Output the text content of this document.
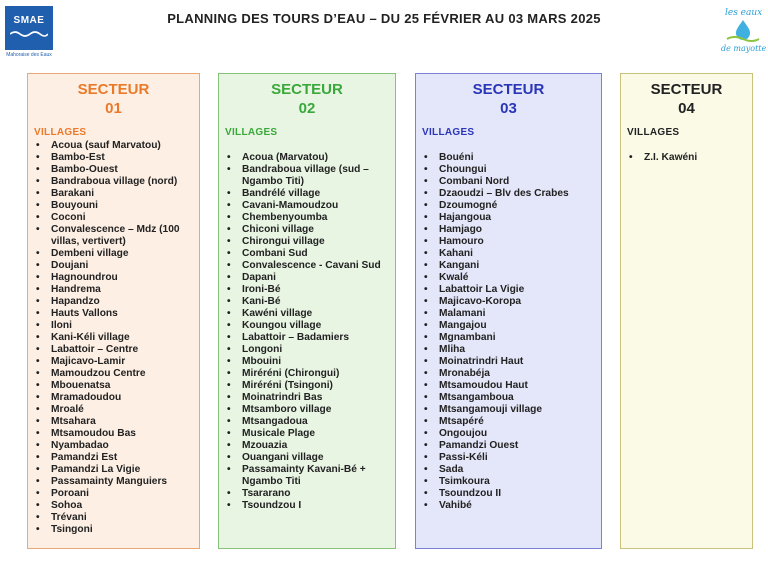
SMAE
Mahoraise des Eaux
PLANNING DES TOURS D’EAU – DU 25 FÉVRIER AU 03 MARS 2025	les eaux
de mayotte
SECTEUR
01
VILLAGES
• Acoua (sauf Marvatou)
• Bambo-Est
• Bambo-Ouest
• Bandraboua village (nord)
• Barakani
• Bouyouni
• Coconi
• Convalescence – Mdz (100 villas, vertivert)
• Dembeni village
• Doujani
• Hagnoundrou
• Handrema
• Hapandzo
• Hauts Vallons
• Iloni
• Kani-Kéli village
• Labattoir – Centre
• Majicavo-Lamir
• Mamoudzou Centre
• Mbouenatsa
• Mramadoudou
• Mroalé
• Mtsahara
• Mtsamoudou Bas
• Nyambadao
• Pamandzi Est
• Pamandzi La Vigie
• Passamainty Manguiers
• Poroani
• Sohoa
• Trévani
• Tsingoni
SECTEUR
02
VILLAGES
• Acoua (Marvatou)
• Bandraboua village (sud – Ngambo Titi)
• Bandrélé village
• Cavani-Mamoudzou
• Chembenyoumba
• Chiconi village
• Chirongui village
• Combani Sud
• Convalescence - Cavani Sud
• Dapani
• Ironi-Bé
• Kani-Bé
• Kawéni village
• Koungou village
• Labattoir – Badamiers
• Longoni
• Mbouini
• Miréréni (Chirongui)
• Miréréni (Tsingoni)
• Moinatrindri Bas
• Mtsamboro village
• Mtsangadoua
• Musicale Plage
• Mzouazia
• Ouangani village
• Passamainty Kavani-Bé + Ngambo Titi
• Tsararano
• Tsoundzou I
SECTEUR
03
VILLAGES
• Bouéni
• Choungui
• Combani Nord
• Dzaoudzi – Blv des Crabes
• Dzoumogné
• Hajangoua
• Hamjago
• Hamouro
• Kahani
• Kangani
• Kwalé
• Labattoir La Vigie
• Majicavo-Koropa
• Malamani
• Mangajou
• Mgnambani
• Mliha
• Moinatrindri Haut
• Mronabéja
• Mtsamoudou Haut
• Mtsangamboua
• Mtsangamouji village
• Mtsapéré
• Ongoujou
• Pamandzi Ouest
• Passi-Kéli
• Sada
• Tsimkoura
• Tsoundzou II
• Vahibé
SECTEUR
04
VILLAGES
• Z.I. Kawéni
